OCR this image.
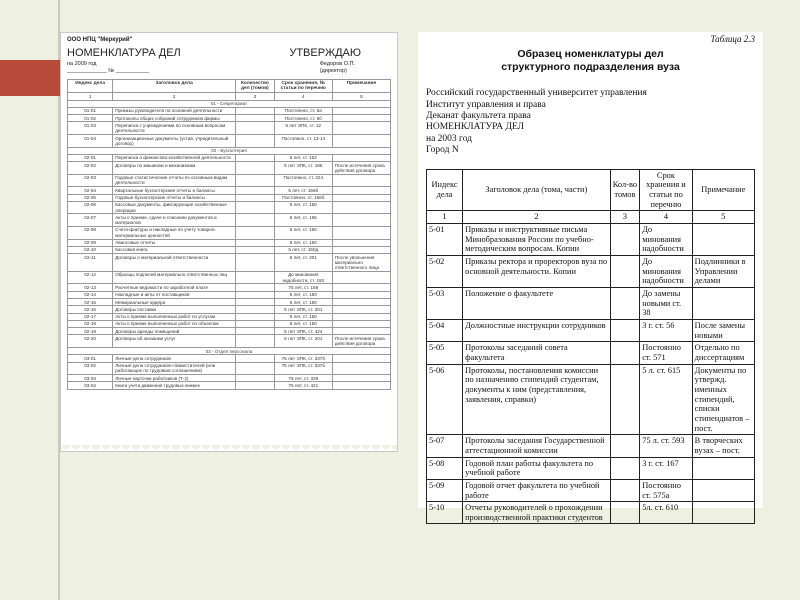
ООО НПЦ "Меркурий"
НОМЕНКЛАТУРА ДЕЛ	УТВЕРЖДАЮ
на 2009 год
_____________ № ___________
Федоров О.П.
(директор)
Индекс дела	Заголовок дела	Количество дел (томов)	Срок хранения, № статьи по перечню	Примечание
1	2	3	4	5
01 - Секретариат				
01-01	Приказы руководителя по основной деятельности		Постоянно, ст. 6а	
01-02	Протоколы общих собраний сотрудников фирмы		Постоянно, ст. 6б	
01-03	Переписка с учреждениями по основным вопросам деятельности		5 лет ЭПК, ст. 12	
01-04	Организационные документы (устав, учредительный договор)		Постоянно, ст. 13-14	
02 - Бухгалтерия				
02-01	Переписка о финансово-хозяйственной деятельности		5 лет, ст. 152	
02-02	Договоры по машинам и механизмам		5 лет ЭПК, ст. 186	После истечения срока действия договора
02-03	Годовые статистические отчеты по основным видам деятельности		Постоянно, ст. 224	
02-04	Квартальные бухгалтерские отчеты и балансы		5 лет, ст. 156б	
02-05	Годовые бухгалтерские отчеты и балансы		Постоянно, ст. 156б	
02-06	Кассовые документы, фиксирующие хозяйственные операции		5 лет, ст. 150	
02-07	Акты о приеме, сдаче и списании документов и материалов		5 лет, ст. 165	
02-08	Счета-фактуры и накладные по учету товарно-материальных ценностей		5 лет, ст. 150	
02-09	Авансовые отчеты		5 лет, ст. 150	
02-10	Кассовая книга		5 лет, ст. 150д	
02-11	Договоры о материальной ответственности		5 лет, ст. 201	После увольнения материально ответственного лица
02-12	Образцы подписей материально ответственных лиц		До минования надобности, ст. 193	
02-13	Расчетные ведомости по заработной плате		75 лет, ст. 158	
02-14	Накладные и акты от поставщиков		5 лет, ст. 150	
02-15	Мемориальные ордера		5 лет, ст. 150	
02-16	Договоры поставки		5 лет ЭПК, ст. 201	
02-17	Акты о приеме выполненных работ по услугам		5 лет, ст. 150	
02-18	Акты о приеме выполненных работ по объектам		5 лет, ст. 150	
02-19	Договоры аренды помещений		5 лет ЭПК, ст. 424	
02-20	Договоры об оказании услуг		5 лет ЭПК, ст. 201	После истечения срока действия договора
03 - Отдел персонала				
03-01	Личные дела сотрудников		75 лет ЭПК, ст. 337б	
03-02	Личные дела сотрудников-совместителей (или работающих по трудовым соглашениям)		75 лет ЭПК, ст. 337б	
03-03	Личные карточки работников (Т-2)		75 лет, ст. 339	
03-04	Книги учета движения трудовых книжек		75 лет, ст. 421	
Таблица 2.3
Образец номенклатуры дел
структурного подразделения вуза
Российский государственный университет управления
Институт управления и права
Деканат факультета права
НОМЕНКЛАТУРА ДЕЛ
на 2003 год
Город N
Индекс дела	Заголовок дела (тома, части)	Кол-во томов	Срок хранения и статьи по перечню	Примечание
1	2	3	4	5
5-01	Приказы и инструктивные письма Минобразования России по учебно-методическим вопросам. Копии		До минования надобности	
5-02	Приказы ректора и проректоров вуза по основной деятельности. Копии		До минования надобности	Подлинники в Управлении делами
5-03	Положение о факультете		До замены новыми ст. 38	
5-04	Должностные инструкции сотрудников		3 г. ст. 56	После замены новыми
5-05	Протоколы заседаний совета факультета		Постоянно ст. 571	Отдельно по диссертациям
5-06	Протоколы, постановления комиссии по назначению стипендий студентам, документы к ним (представления, заявления, справки)		5 л. ст. 615	Документы по утвержд. именных стипендий, списки стипендиатов – пост.
5-07	Протоколы заседания Государственной аттестационной комиссии		75 л. ст. 593	В творческих вузах – пост.
5-08	Годовой план работы факультета по учебной работе		3 г. ст. 167	
5-09	Годовой отчет факультета по учебной работе		Постоянно ст. 575а	
5-10	Отчеты руководителей о прохождении производственной практики студентов		5л. ст. 610	
